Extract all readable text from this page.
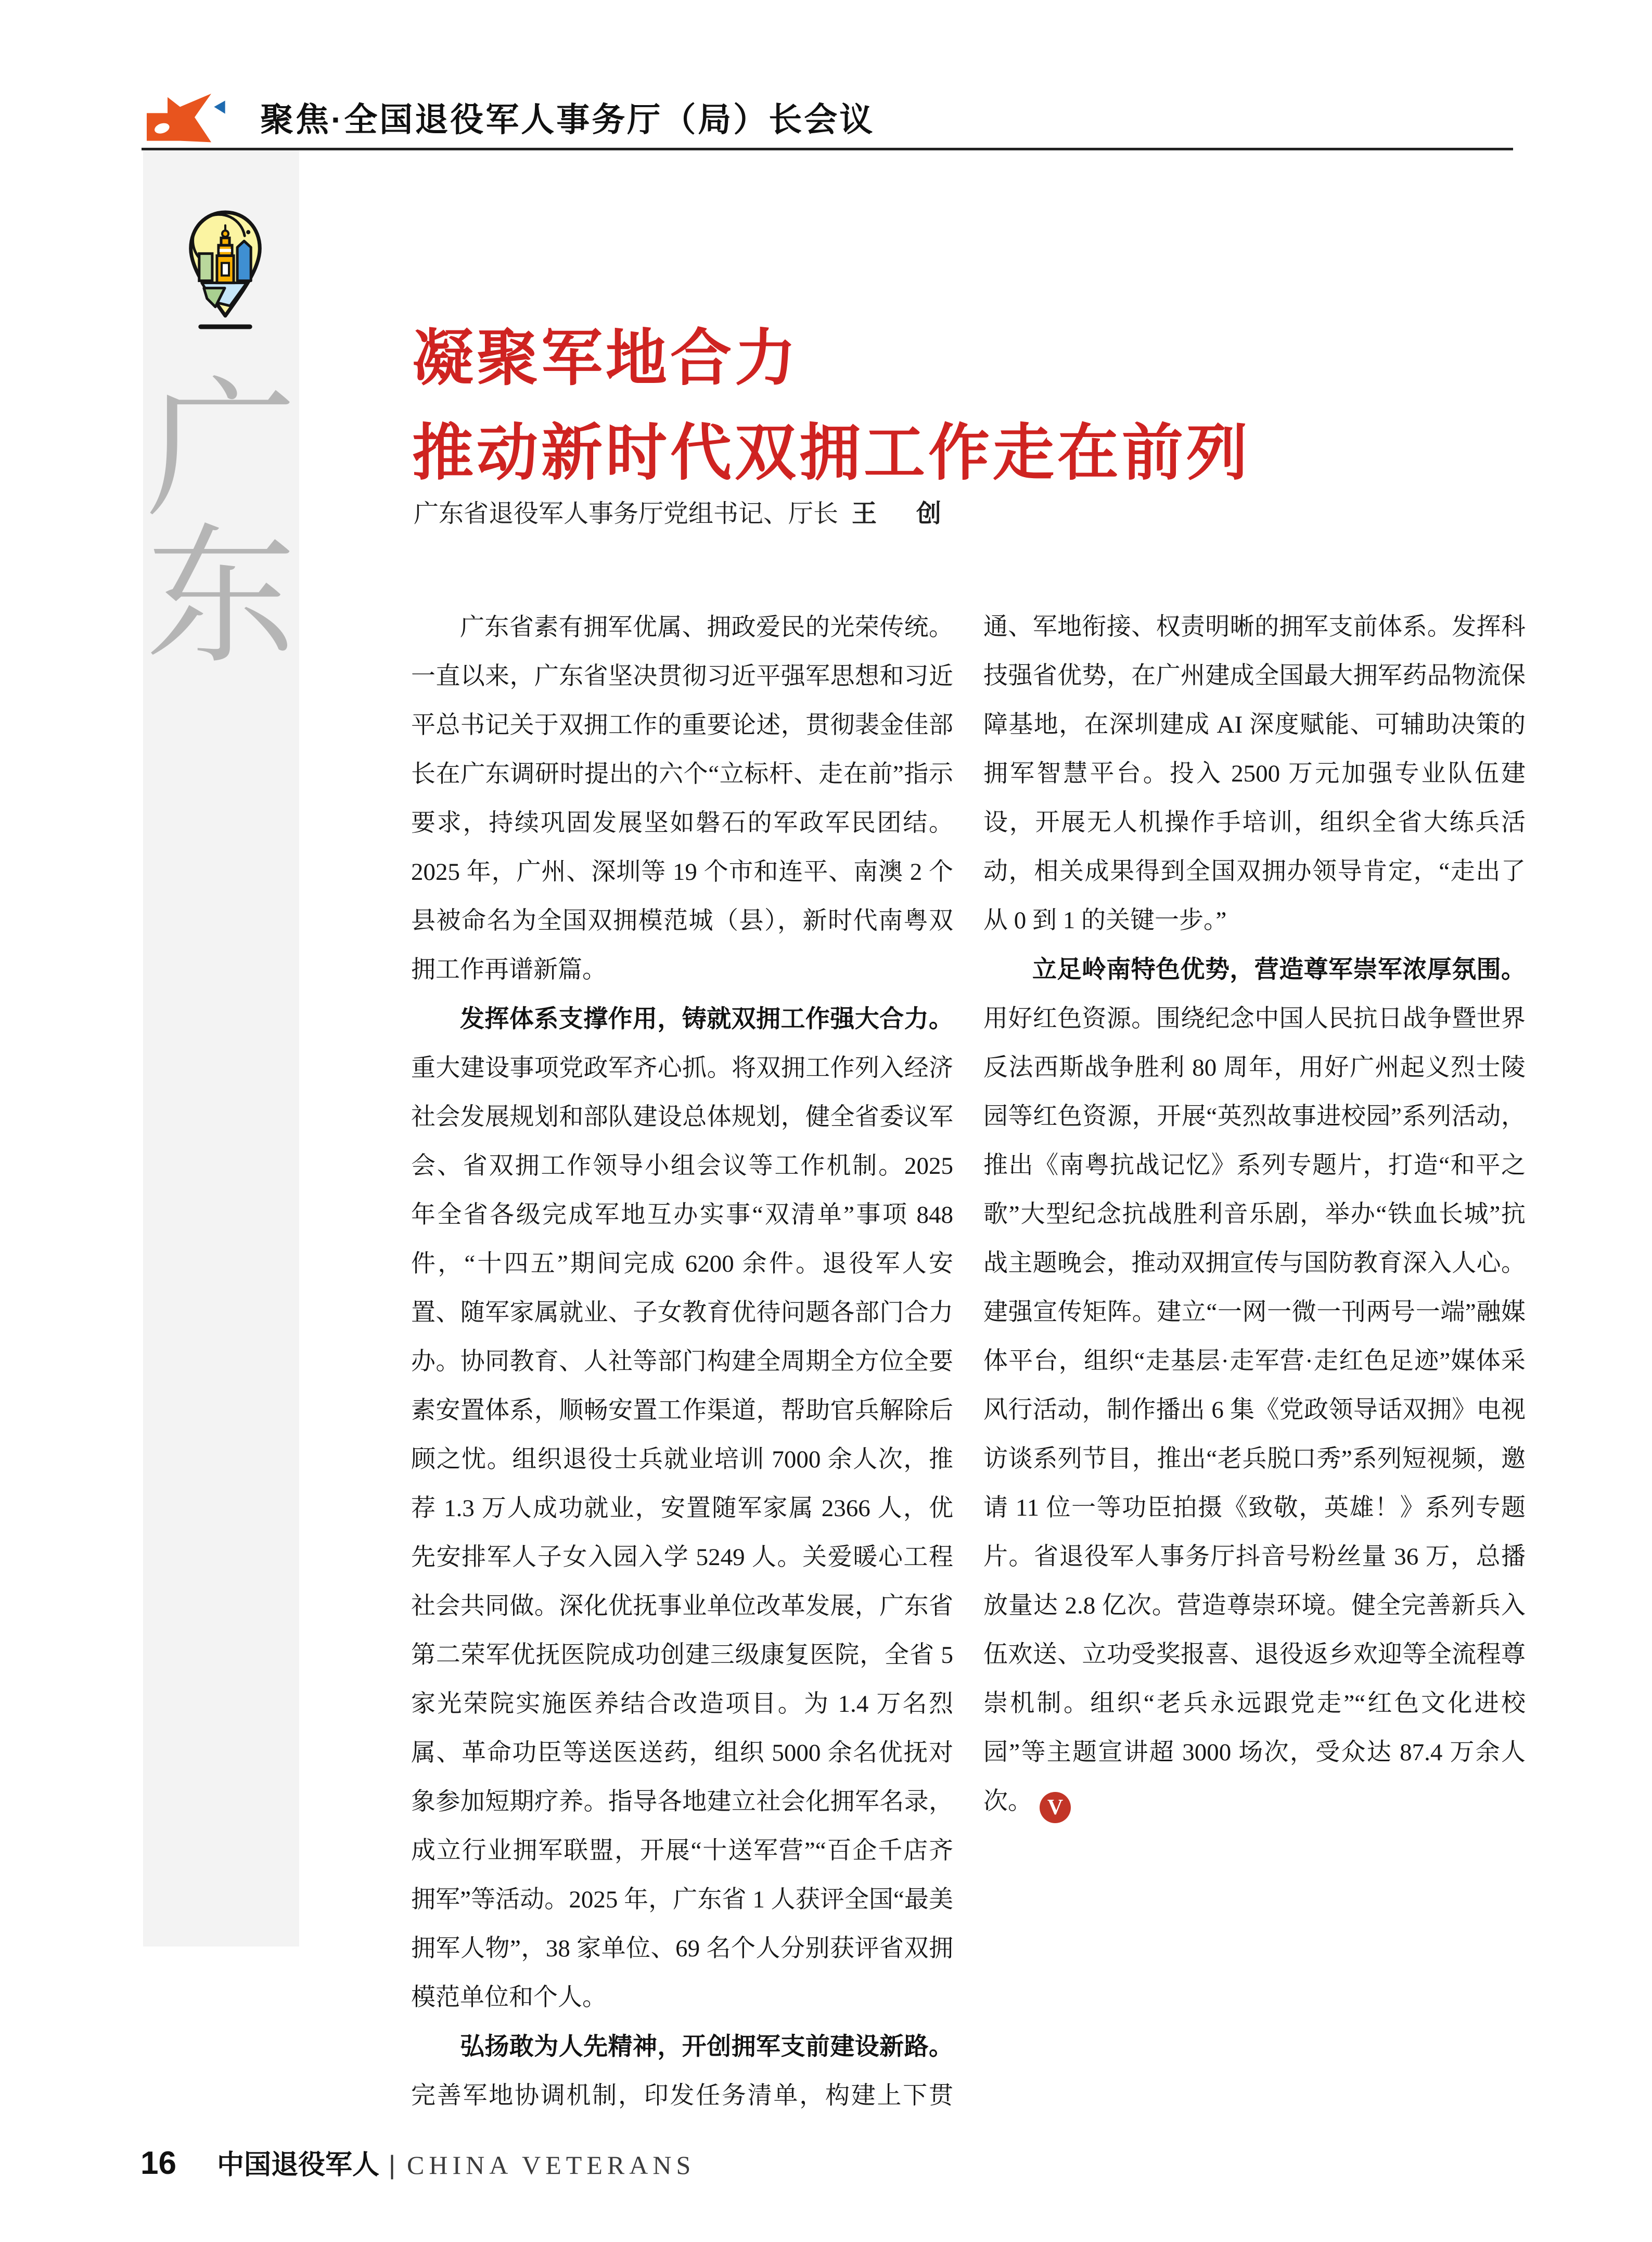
聚焦·全国退役军人事务厅（局）长会议
广
东
凝聚军地合力
推动新时代双拥工作走在前列
广东省退役军人事务厅党组书记、厅长 王　创

广东省素有拥军优属、拥政爱民的光荣传统。一直以来，广东省坚决贯彻习近平强军思想和习近平总书记关于双拥工作的重要论述，贯彻裴金佳部长在广东调研时提出的六个“立标杆、走在前”指示要求，持续巩固发展坚如磐石的军政军民团结。2025 年，广州、深圳等 19 个市和连平、南澳 2 个县被命名为全国双拥模范城（县），新时代南粤双拥工作再谱新篇。

发挥体系支撑作用，铸就双拥工作强大合力。重大建设事项党政军齐心抓。将双拥工作列入经济社会发展规划和部队建设总体规划，健全省委议军会、省双拥工作领导小组会议等工作机制。2025 年全省各级完成军地互办实事“双清单”事项 848 件，“十四五”期间完成 6200 余件。退役军人安置、随军家属就业、子女教育优待问题各部门合力办。协同教育、人社等部门构建全周期全方位全要素安置体系，顺畅安置工作渠道，帮助官兵解除后顾之忧。组织退役士兵就业培训 7000 余人次，推荐 1.3 万人成功就业，安置随军家属 2366 人，优先安排军人子女入园入学 5249 人。关爱暖心工程社会共同做。深化优抚事业单位改革发展，广东省第二荣军优抚医院成功创建三级康复医院，全省 5 家光荣院实施医养结合改造项目。为 1.4 万名烈属、革命功臣等送医送药，组织 5000 余名优抚对象参加短期疗养。指导各地建立社会化拥军名录，成立行业拥军联盟，开展“十送军营”“百企千店齐拥军”等活动。2025 年，广东省 1 人获评全国“最美拥军人物”，38 家单位、69 名个人分别获评省双拥模范单位和个人。

弘扬敢为人先精神，开创拥军支前建设新路。完善军地协调机制，印发任务清单，构建上下贯通、军地衔接、权责明晰的拥军支前体系。发挥科技强省优势，在广州建成全国最大拥军药品物流保障基地，在深圳建成 AI 深度赋能、可辅助决策的拥军智慧平台。投入 2500 万元加强专业队伍建设，开展无人机操作手培训，组织全省大练兵活动，相关成果得到全国双拥办领导肯定，“走出了从 0 到 1 的关键一步。”

立足岭南特色优势，营造尊军崇军浓厚氛围。用好红色资源。围绕纪念中国人民抗日战争暨世界反法西斯战争胜利 80 周年，用好广州起义烈士陵园等红色资源，开展“英烈故事进校园”系列活动，推出《南粤抗战记忆》系列专题片，打造“和平之歌”大型纪念抗战胜利音乐剧，举办“铁血长城”抗战主题晚会，推动双拥宣传与国防教育深入人心。建强宣传矩阵。建立“一网一微一刊两号一端”融媒体平台，组织“走基层·走军营·走红色足迹”媒体采风行活动，制作播出 6 集《党政领导话双拥》电视访谈系列节目，推出“老兵脱口秀”系列短视频，邀请 11 位一等功臣拍摄《致敬，英雄！》系列专题片。省退役军人事务厅抖音号粉丝量 36 万，总播放量达 2.8 亿次。营造尊崇环境。健全完善新兵入伍欢送、立功受奖报喜、退役返乡欢迎等全流程尊崇机制。组织“老兵永远跟党走”“红色文化进校园”等主题宣讲超 3000 场次，受众达 87.4 万余人次。 V

16 中国退役军人 | CHINA VETERANS
